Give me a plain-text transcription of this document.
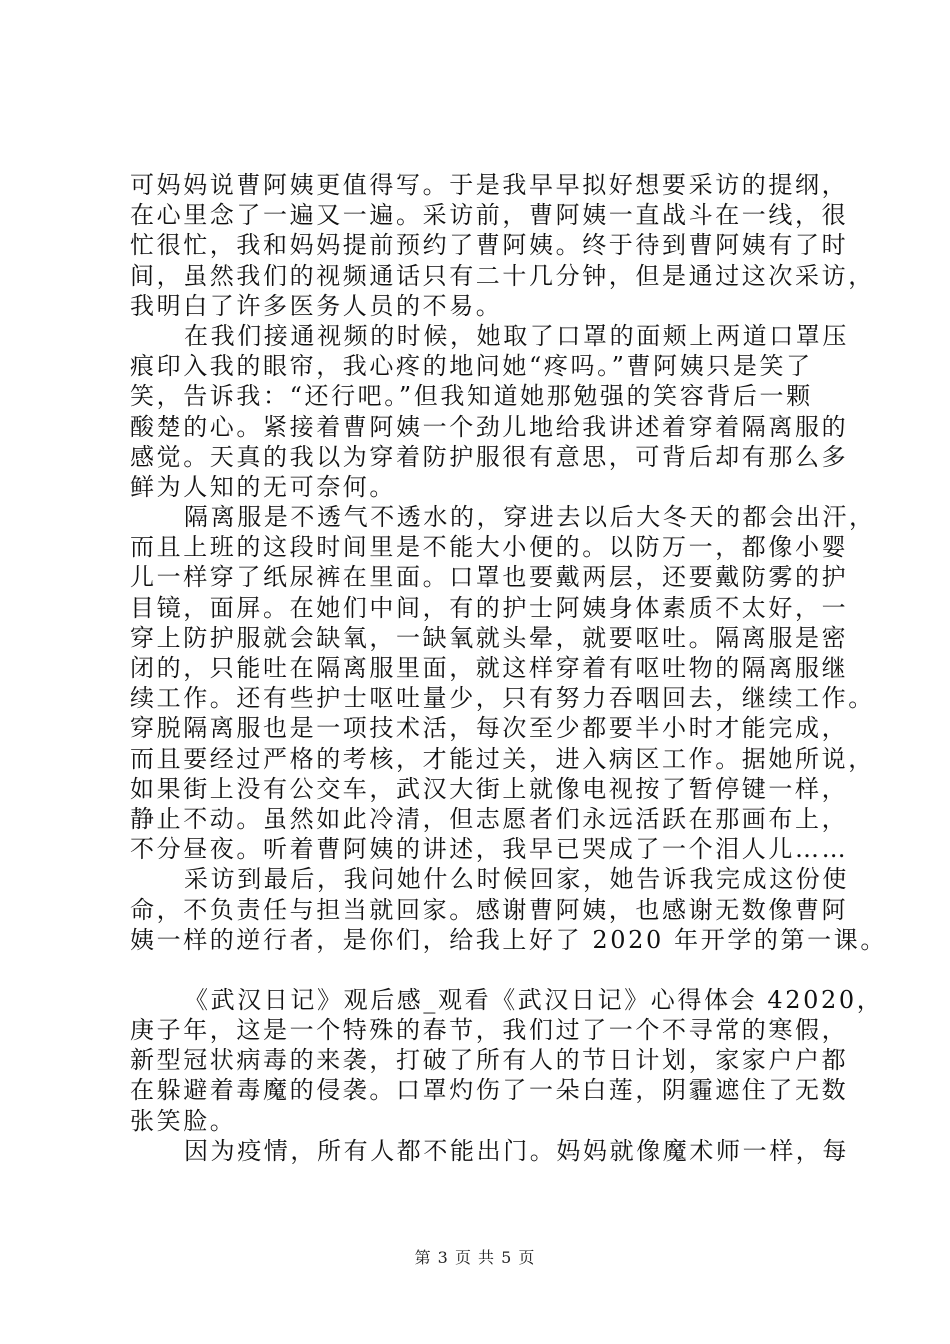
可妈妈说曹阿姨更值得写。于是我早早拟好想要采访的提纲，
在心里念了一遍又一遍。采访前，曹阿姨一直战斗在一线，很
忙很忙，我和妈妈提前预约了曹阿姨。终于待到曹阿姨有了时
间，虽然我们的视频通话只有二十几分钟，但是通过这次采访，
我明白了许多医务人员的不易。
在我们接通视频的时候，她取了口罩的面颊上两道口罩压
痕印入我的眼帘，我心疼的地问她“疼吗。”曹阿姨只是笑了
笑，告诉我：“还行吧。”但我知道她那勉强的笑容背后一颗
酸楚的心。紧接着曹阿姨一个劲儿地给我讲述着穿着隔离服的
感觉。天真的我以为穿着防护服很有意思，可背后却有那么多
鲜为人知的无可奈何。
隔离服是不透气不透水的，穿进去以后大冬天的都会出汗，
而且上班的这段时间里是不能大小便的。以防万一，都像小婴
儿一样穿了纸尿裤在里面。口罩也要戴两层，还要戴防雾的护
目镜，面屏。在她们中间，有的护士阿姨身体素质不太好，一
穿上防护服就会缺氧，一缺氧就头晕，就要呕吐。隔离服是密
闭的，只能吐在隔离服里面，就这样穿着有呕吐物的隔离服继
续工作。还有些护士呕吐量少，只有努力吞咽回去，继续工作。
穿脱隔离服也是一项技术活，每次至少都要半小时才能完成，
而且要经过严格的考核，才能过关，进入病区工作。据她所说，
如果街上没有公交车，武汉大街上就像电视按了暂停键一样，
静止不动。虽然如此冷清，但志愿者们永远活跃在那画布上，
不分昼夜。听着曹阿姨的讲述，我早已哭成了一个泪人儿……
采访到最后，我问她什么时候回家，她告诉我完成这份使
命，不负责任与担当就回家。感谢曹阿姨，也感谢无数像曹阿
姨一样的逆行者，是你们，给我上好了 2020 年开学的第一课。
《武汉日记》观后感_观看《武汉日记》心得体会 42020，
庚子年，这是一个特殊的春节，我们过了一个不寻常的寒假，
新型冠状病毒的来袭，打破了所有人的节日计划，家家户户都
在躲避着毒魔的侵袭。口罩灼伤了一朵白莲，阴霾遮住了无数
张笑脸。
因为疫情，所有人都不能出门。妈妈就像魔术师一样，每
第 3 页 共 5 页
